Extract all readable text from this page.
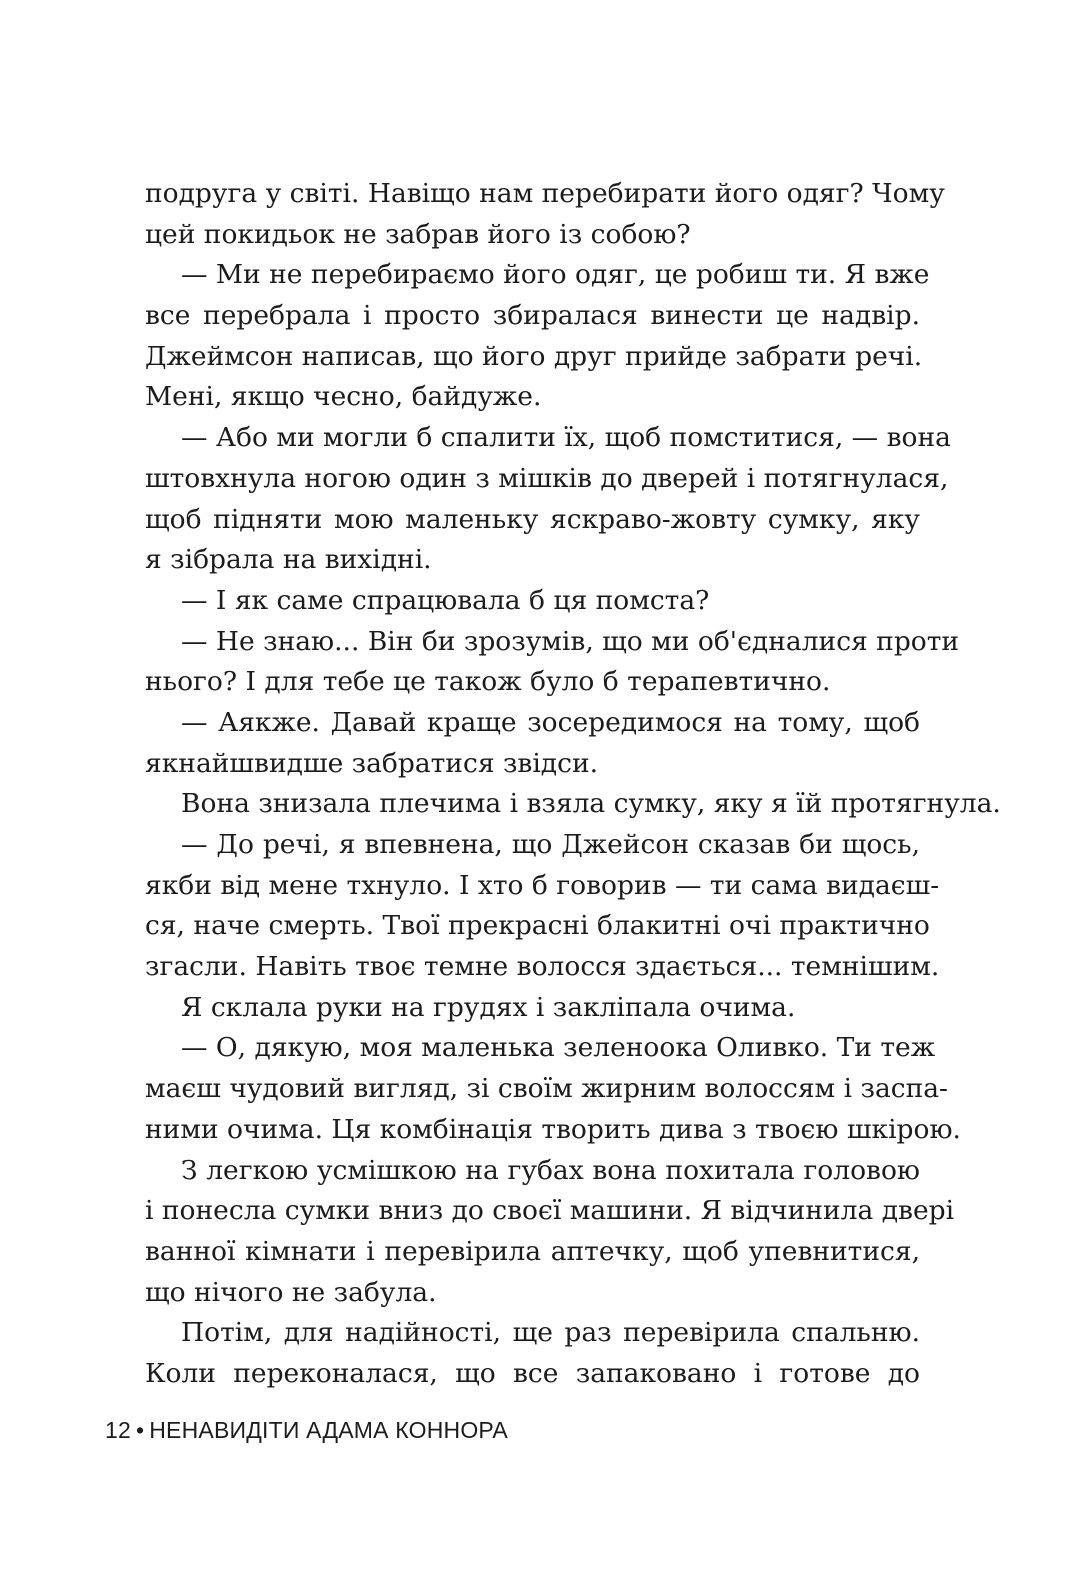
подруга у світі. Навіщо нам перебирати його одяг? Чому
цей покидьок не забрав його із собою?
— Ми не перебираємо його одяг, це робиш ти. Я вже
все перебрала і просто збиралася винести це надвір.
Джеймсон написав, що його друг прийде забрати речі.
Мені, якщо чесно, байдуже.
— Або ми могли б спалити їх, щоб помститися, — вона
штовхнула ногою один з мішків до дверей і потягнулася,
щоб підняти мою маленьку яскраво-жовту сумку, яку
я зібрала на вихідні.
— І як саме спрацювала б ця помста?
— Не знаю... Він би зрозумів, що ми об'єдналися проти
нього? І для тебе це також було б терапевтично.
— Аякже. Давай краще зосередимося на тому, щоб
якнайшвидше забратися звідси.
Вона знизала плечима і взяла сумку, яку я їй протягнула.
— До речі, я впевнена, що Джейсон сказав би щось,
якби від мене тхнуло. І хто б говорив — ти сама видаєш-
ся, наче смерть. Твої прекрасні блакитні очі практично
згасли. Навіть твоє темне волосся здається... темнішим.
Я склала руки на грудях і закліпала очима.
— О, дякую, моя маленька зеленоока Оливко. Ти теж
маєш чудовий вигляд, зі своїм жирним волоссям і заспа-
ними очима. Ця комбінація творить дива з твоєю шкірою.
З легкою усмішкою на губах вона похитала головою
і понесла сумки вниз до своєї машини. Я відчинила двері
ванної кімнати і перевірила аптечку, щоб упевнитися,
що нічого не забула.
Потім, для надійності, ще раз перевірила спальню.
Коли переконалася, що все запаковано і готове до
12 • НЕНАВИДІТИ АДАМА КОННОРА
